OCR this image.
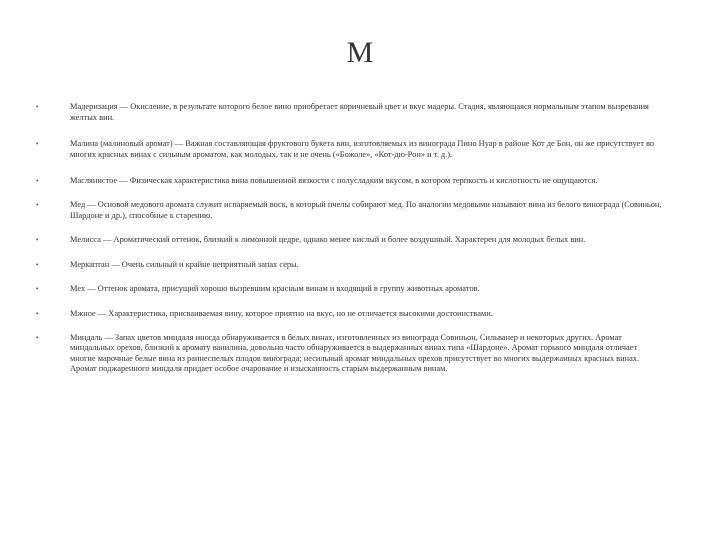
М
•	Мадеризация — Окисление, в результате которого белое вино приобретает коричневый цвет и вкус мадеры. Стадия, являющаяся нормальным этапом вызревания желтых вин.
•	Малина (малиновый аромат) — Важная составляющая фруктового букета вин, изготовляемых из винограда Пино Нуар в районе Кот де Бон, он же присутствует во многих красных винах с сильным ароматом, как молодых, так и не очень («Божоле», «Кот-дю-Рон» и т. д.).
•	Маслянистое — Физическая характеристика вина повышенной вязкости с полусладким вкусом, в котором терпкость и кислотность не ощущаются.
•	Мед — Основой медового аромата служит испаряемый воск, в который пчелы собирают мед. По аналогии медовыми называют вина из белого винограда (Совиньон, Шардоне и др.), способные к старению.
•	Мелисса — Ароматический оттенок, близкий к лимонной цедре, однако менее кислый и более воздушный. Характерен для молодых белых вин.
•	Меркаптан — Очень сильный и крайне неприятный запах серы.
•	Мех — Оттенок аромата, присущий хорошо вызревшим красным винам и входящий в группу животных ароматов.
•	Мжное — Характеристика, присваиваемая вину, которое приятно на вкус, но не отличается высокими достоинствами.
•	Миндаль — Запах цветов миндаля иногда обнаруживается в белых винах, изготовленных из винограда Совиньон, Сильванер и некоторых других. Аромат миндальных орехов, близкий к аромату ванилина, довольно часто обнаруживается в выдержанных винах типа «Шардоне». Аромат горького миндаля отличает многие марочные белые вина из раннеспелых плодов винограда; несильный аромат миндальных орехов присутствует во многих выдержанных красных винах. Аромат поджаренного миндаля придает особое очарование и изысканность старым выдержанным винам.
